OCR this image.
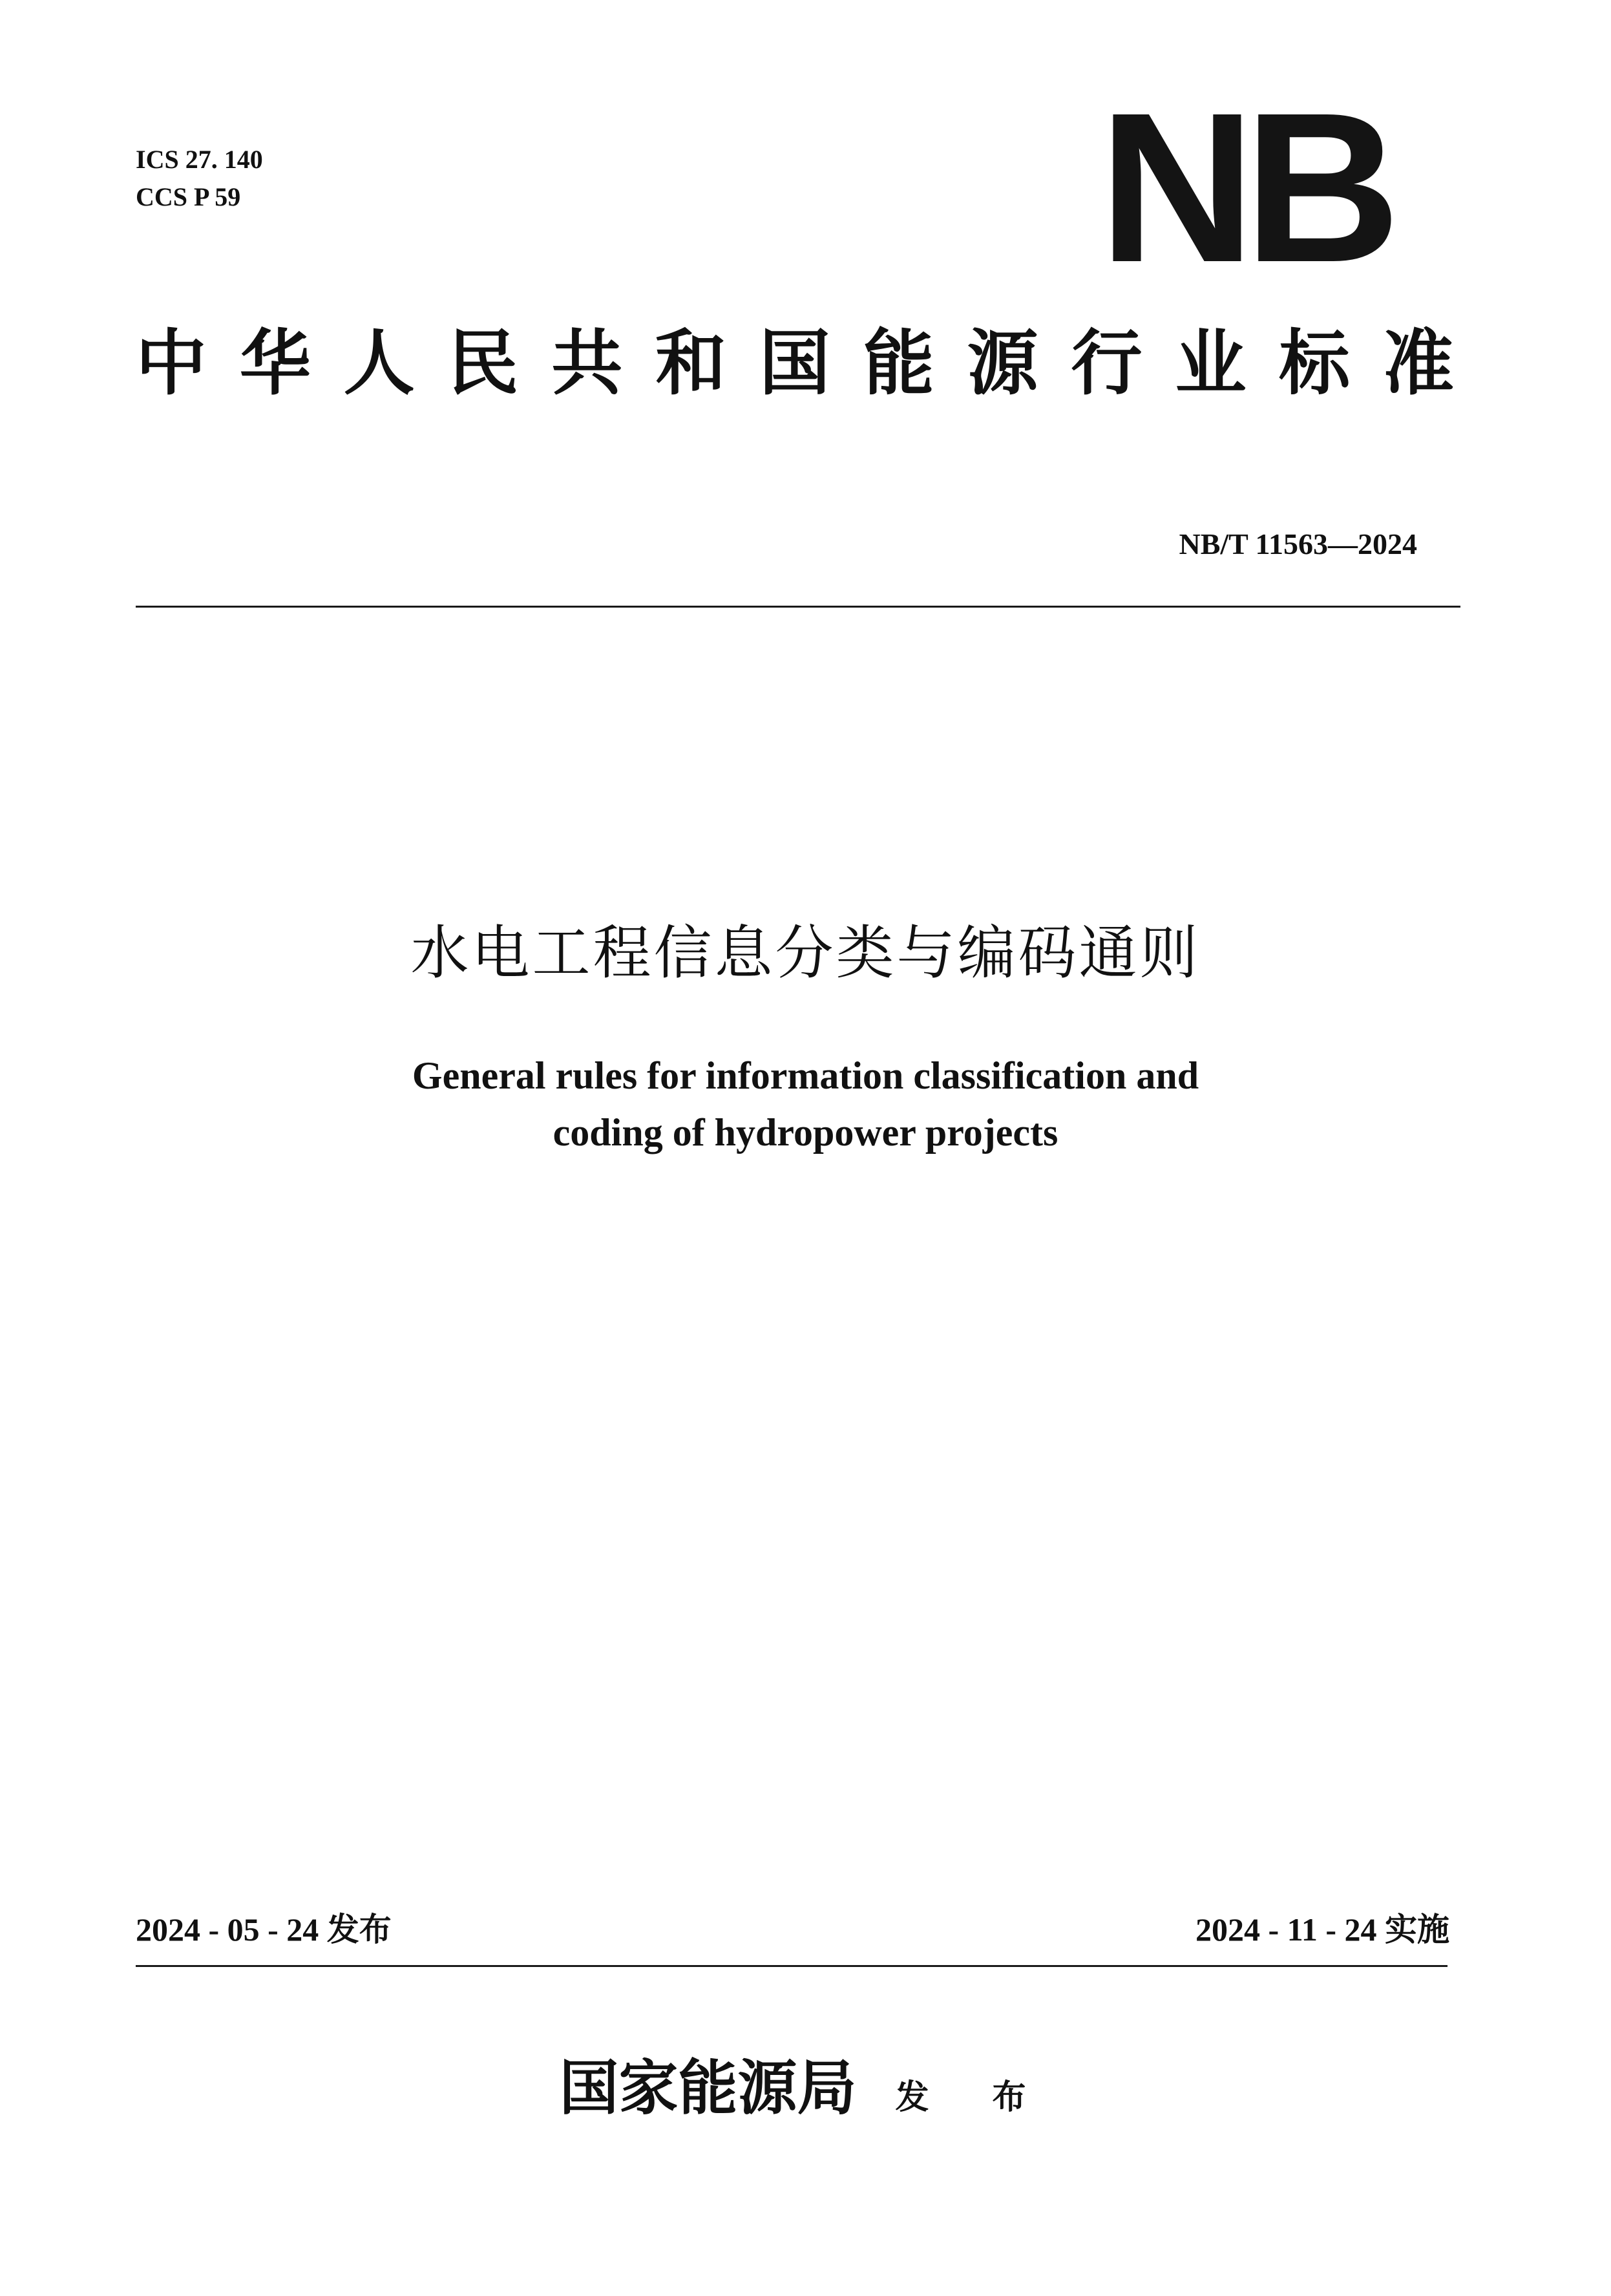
ICS 27. 140
CCS P 59	NB
中华人民共和国能源行业标准
NB/T 11563—2024
水电工程信息分类与编码通则
General rules for information classification and
coding of hydropower projects
2024 - 05 - 24 发布	2024 - 11 - 24 实施
国家能源局 发 布
